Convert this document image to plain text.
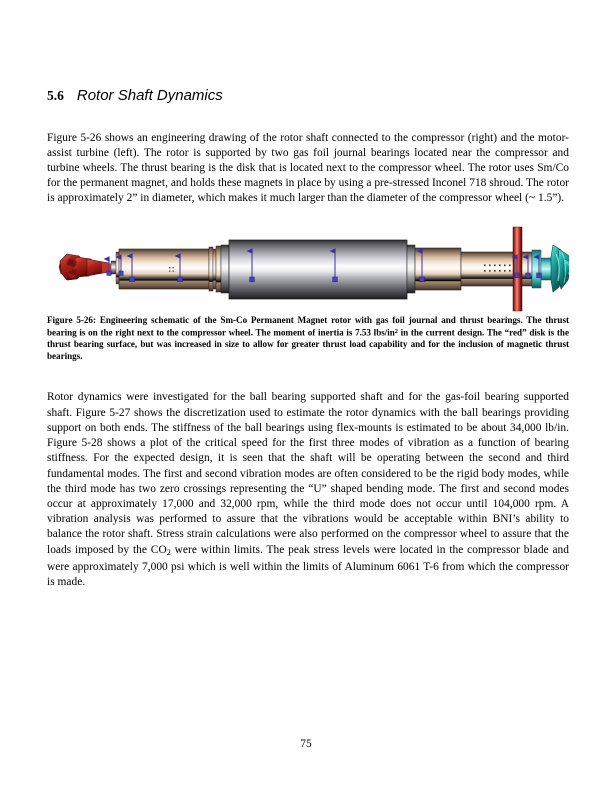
5.6 Rotor Shaft Dynamics

Figure 5-26 shows an engineering drawing of the rotor shaft connected to the compressor (right) and the motor-assist turbine (left). The rotor is supported by two gas foil journal bearings located near the compressor and turbine wheels. The thrust bearing is the disk that is located next to the compressor wheel. The rotor uses Sm/Co for the permanent magnet, and holds these magnets in place by using a pre-stressed Inconel 718 shroud. The rotor is approximately 2” in diameter, which makes it much larger than the diameter of the compressor wheel (~ 1.5”).

Figure 5-26: Engineering schematic of the Sm-Co Permanent Magnet rotor with gas foil journal and thrust bearings. The thrust bearing is on the right next to the compressor wheel. The moment of inertia is 7.53 lbs/$in^2$ in the current design. The “red” disk is the thrust bearing surface, but was increased in size to allow for greater thrust load capability and for the inclusion of magnetic thrust bearings.

Rotor dynamics were investigated for the ball bearing supported shaft and for the gas-foil bearing supported shaft. Figure 5-27 shows the discretization used to estimate the rotor dynamics with the ball bearings providing support on both ends. The stiffness of the ball bearings using flex-mounts is estimated to be about 34,000 lb/in. Figure 5-28 shows a plot of the critical speed for the first three modes of vibration as a function of bearing stiffness. For the expected design, it is seen that the shaft will be operating between the second and third fundamental modes. The first and second vibration modes are often considered to be the rigid body modes, while the third mode has two zero crossings representing the “U” shaped bending mode. The first and second modes occur at approximately 17,000 and 32,000 rpm, while the third mode does not occur until 104,000 rpm. A vibration analysis was performed to assure that the vibrations would be acceptable within BNI’s ability to balance the rotor shaft. Stress strain calculations were also performed on the compressor wheel to assure that the loads imposed by the $CO_2$ were within limits. The peak stress levels were located in the compressor blade and were approximately 7,000 psi which is well within the limits of Aluminum 6061 T-6 from which the compressor is made.

75
